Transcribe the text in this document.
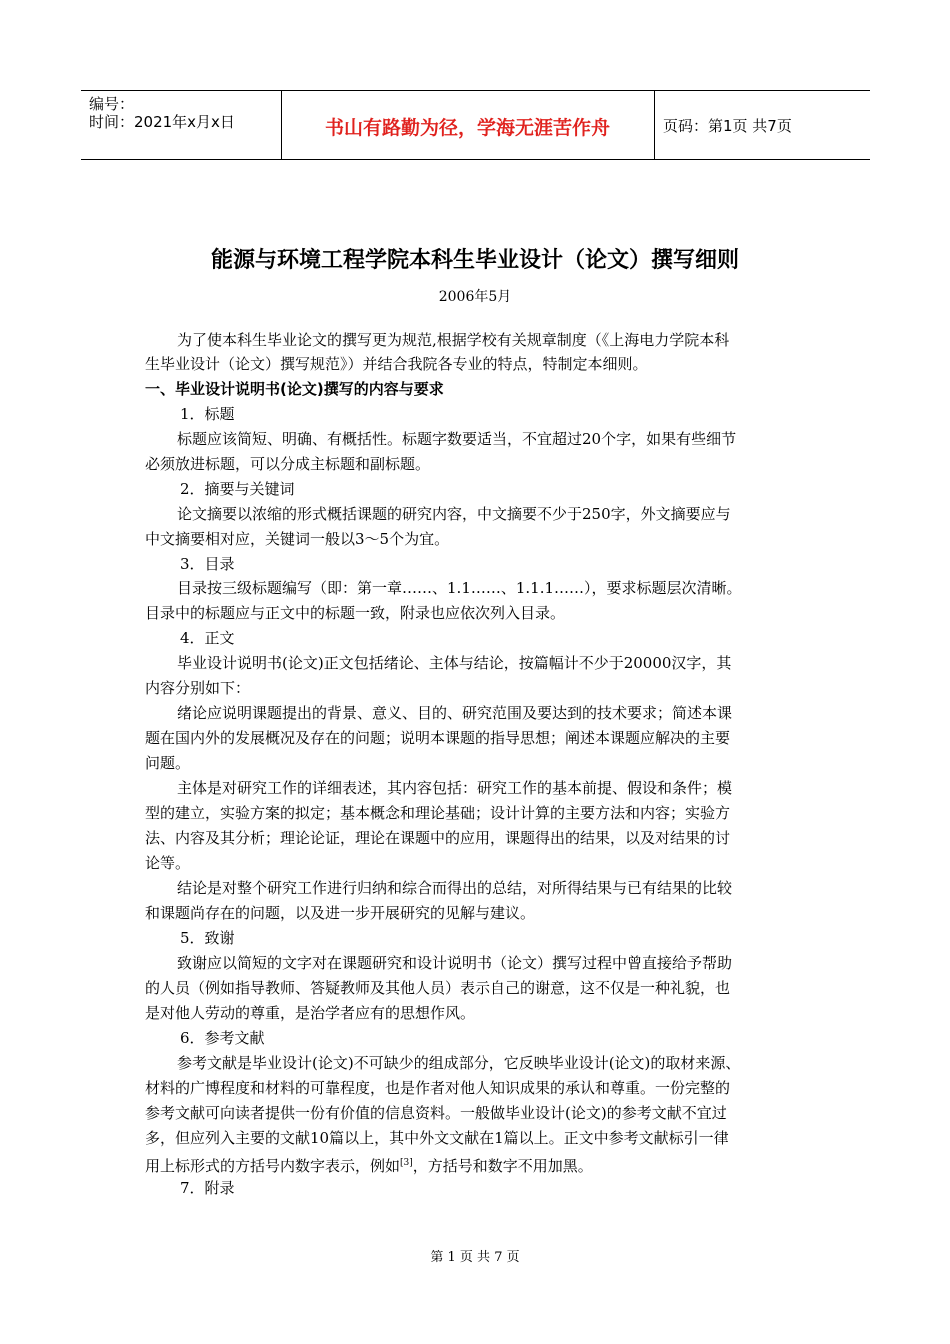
编号：
时间：2021年x月x日	书山有路勤为径，学海无涯苦作舟	页码：第1页 共7页
能源与环境工程学院本科生毕业设计（论文）撰写细则
2006年5月
为了使本科生毕业论文的撰写更为规范,根据学校有关规章制度（《上海电力学院本科
生毕业设计（论文）撰写规范》）并结合我院各专业的特点，特制定本细则。
一、毕业设计说明书(论文)撰写的内容与要求
1．标题
标题应该简短、明确、有概括性。标题字数要适当，不宜超过20个字，如果有些细节
必须放进标题，可以分成主标题和副标题。
2．摘要与关键词
论文摘要以浓缩的形式概括课题的研究内容，中文摘要不少于250字，外文摘要应与
中文摘要相对应，关键词一般以3～5个为宜。
3．目录
目录按三级标题编写（即：第一章……、1.1……、1.1.1……），要求标题层次清晰。
目录中的标题应与正文中的标题一致，附录也应依次列入目录。
4．正文
毕业设计说明书(论文)正文包括绪论、主体与结论，按篇幅计不少于20000汉字，其
内容分别如下：
绪论应说明课题提出的背景、意义、目的、研究范围及要达到的技术要求；简述本课
题在国内外的发展概况及存在的问题；说明本课题的指导思想；阐述本课题应解决的主要
问题。
主体是对研究工作的详细表述，其内容包括：研究工作的基本前提、假设和条件；模
型的建立，实验方案的拟定；基本概念和理论基础；设计计算的主要方法和内容；实验方
法、内容及其分析；理论论证，理论在课题中的应用，课题得出的结果，以及对结果的讨
论等。
结论是对整个研究工作进行归纳和综合而得出的总结，对所得结果与已有结果的比较
和课题尚存在的问题，以及进一步开展研究的见解与建议。
5．致谢
致谢应以简短的文字对在课题研究和设计说明书（论文）撰写过程中曾直接给予帮助
的人员（例如指导教师、答疑教师及其他人员）表示自己的谢意，这不仅是一种礼貌，也
是对他人劳动的尊重，是治学者应有的思想作风。
6．参考文献
参考文献是毕业设计(论文)不可缺少的组成部分，它反映毕业设计(论文)的取材来源、
材料的广博程度和材料的可靠程度，也是作者对他人知识成果的承认和尊重。一份完整的
参考文献可向读者提供一份有价值的信息资料。一般做毕业设计(论文)的参考文献不宜过
多，但应列入主要的文献10篇以上，其中外文文献在1篇以上。正文中参考文献标引一律
用上标形式的方括号内数字表示，例如[3]，方括号和数字不用加黑。
7．附录
第 1 页 共 7 页
